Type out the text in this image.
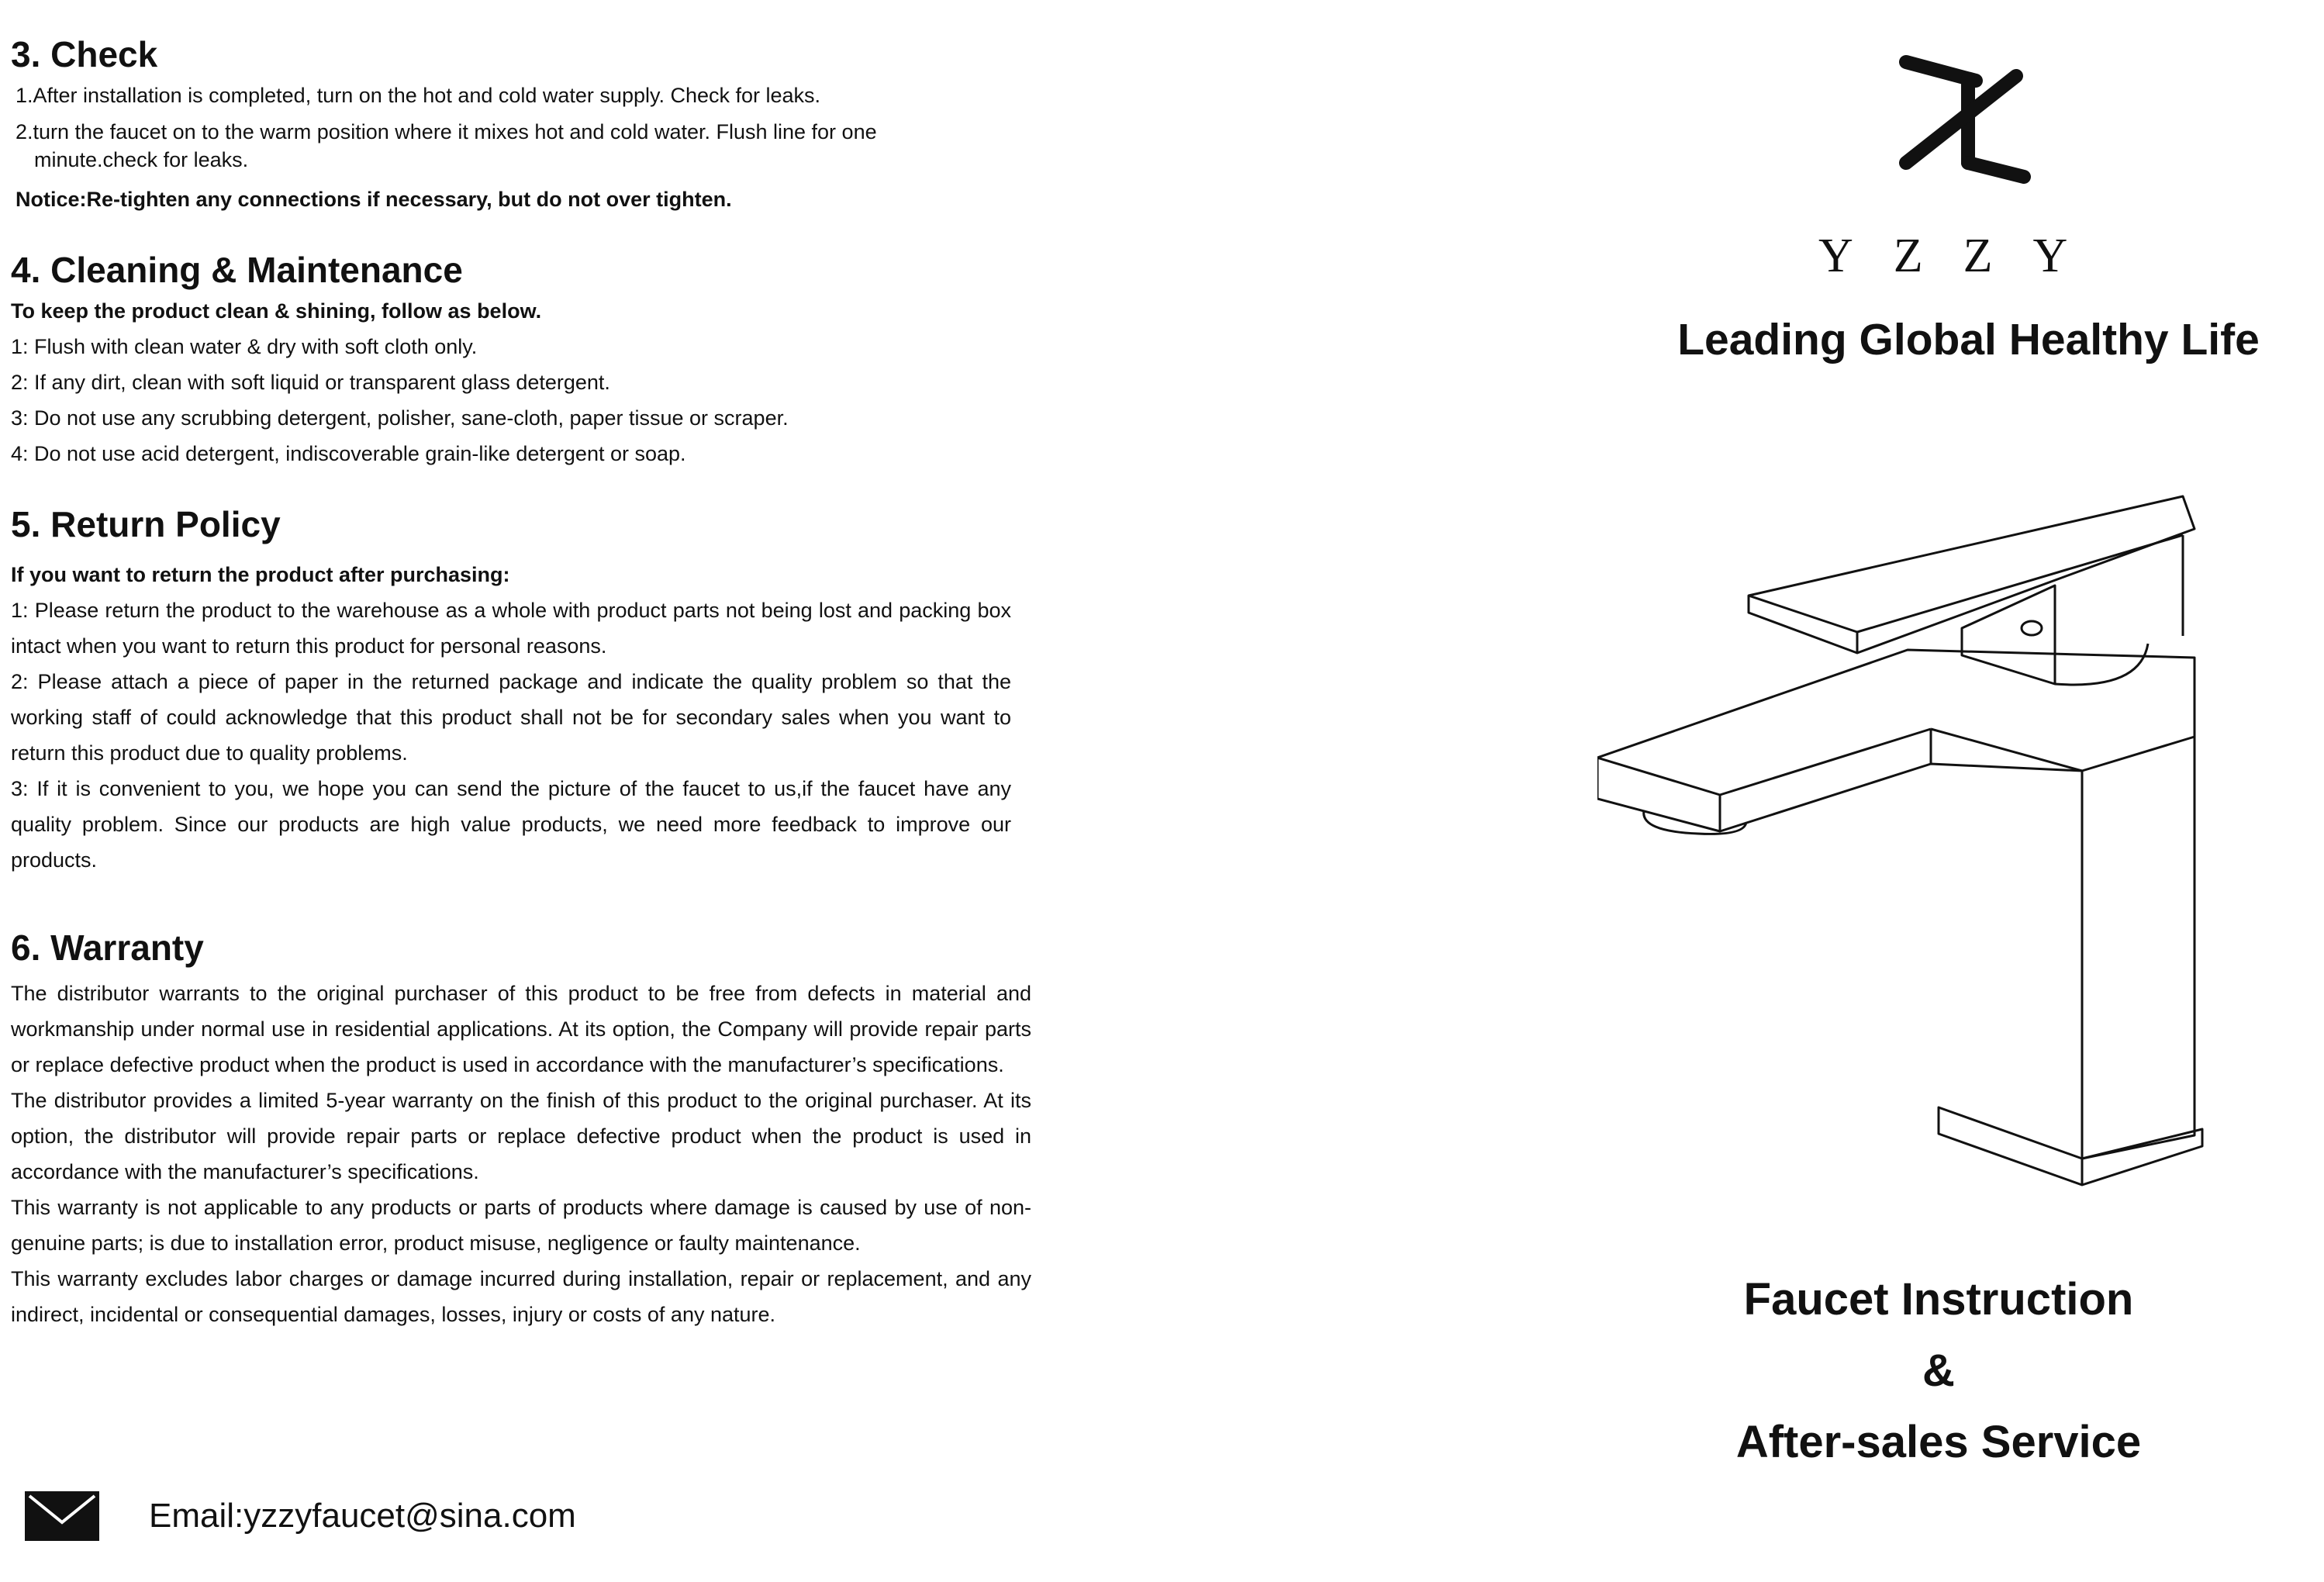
3. Check

1.After installation is completed, turn on the hot and cold water supply. Check for leaks.

2.turn the faucet on to the warm position where it mixes hot and cold water. Flush line for one

minute.check for leaks.

Notice:Re-tighten any connections if necessary, but do not over tighten.

4. Cleaning & Maintenance

To keep the product clean & shining, follow as below.

1: Flush with clean water & dry with soft cloth only.

2: If any dirt, clean with soft liquid or transparent glass detergent.

3: Do not use any scrubbing detergent, polisher, sane-cloth, paper tissue or scraper.

4: Do not use acid detergent, indiscoverable grain-like detergent or soap.

5. Return Policy

If you want to return the product after purchasing:

1: Please return the product to the warehouse as a whole with product parts not being lost and packing box intact when you want to return this product for personal reasons.

2: Please attach a piece of paper in the returned package and indicate the quality problem so that the working staff of could acknowledge that this product shall not be for secondary sales when you want to return this product due to quality problems.

3: If it is convenient to you, we hope you can send the picture of the faucet to us,if the faucet have any quality problem. Since our products are high value products, we need more feedback to improve our products.

6. Warranty

The distributor warrants to the original purchaser of this product to be free from defects in material and workmanship under normal use in residential applications. At its option, the Company will provide repair parts or replace defective product when the product is used in accordance with the manufacturer’s specifications.

The distributor provides a limited 5-year warranty on the finish of this product to the original purchaser. At its option, the distributor will provide repair parts or replace defective product when the product is used in accordance with the manufacturer’s specifications.

This warranty is not applicable to any products or parts of products where damage is caused by use of non-genuine parts; is due to installation error, product misuse, negligence or faulty maintenance.

This warranty excludes labor charges or damage incurred during installation, repair or replacement, and any indirect, incidental or consequential damages, losses, injury or costs of any nature.

Email:yzzyfaucet@sina.com
YZZY
Leading Global Healthy Life
Faucet Instruction
&
After-sales Service
